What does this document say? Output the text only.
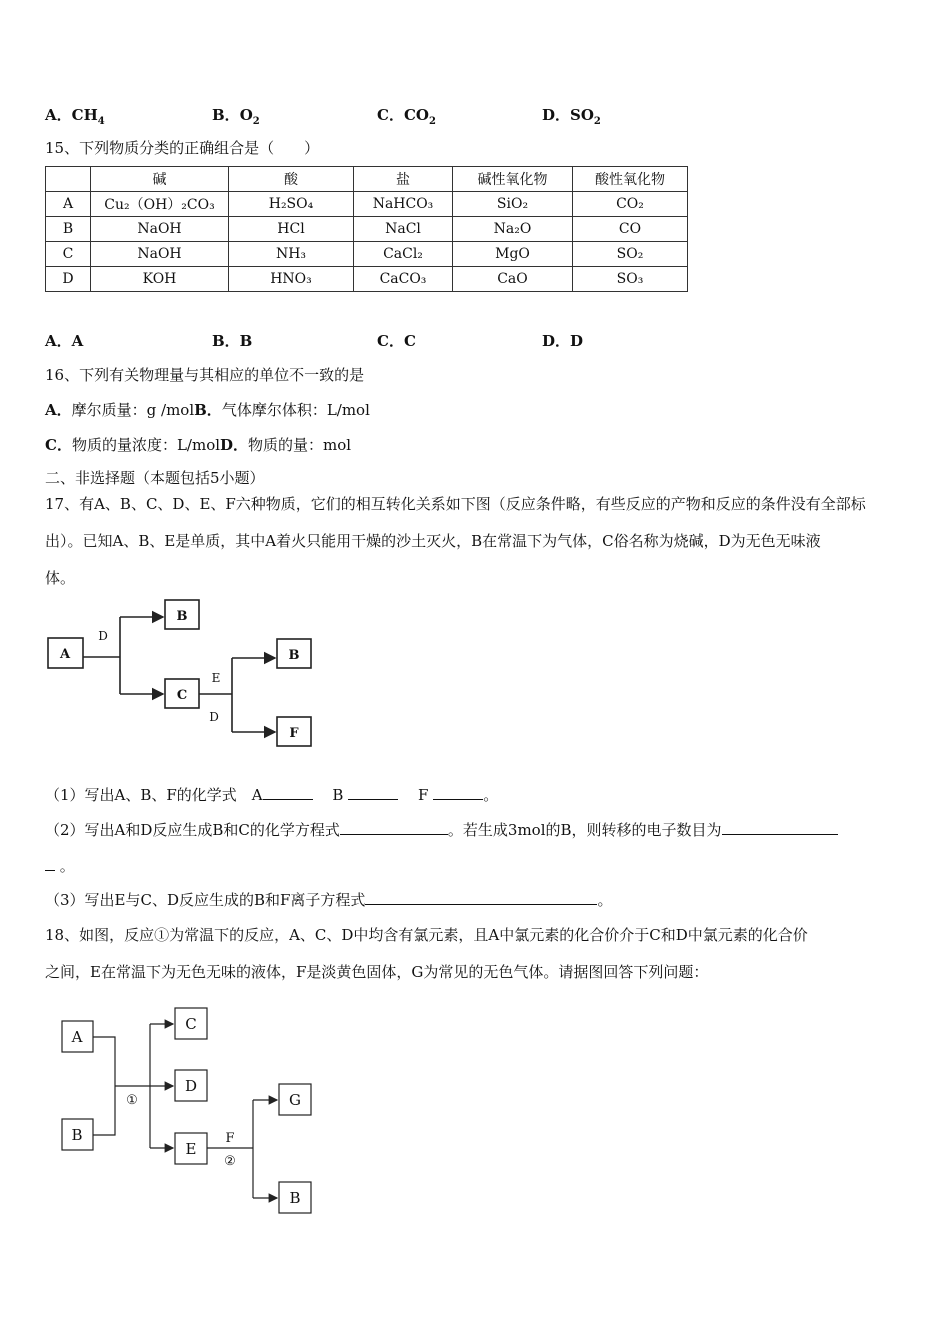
A．$CH_4$	B．$O_2$	C．$CO_2$	D．$SO_2$
15、下列物质分类的正确组合是（　　）
	碱	酸	盐	碱性氧化物	酸性氧化物
A	Cu₂（OH）₂CO₃	H₂SO₄	NaHCO₃	SiO₂	CO₂
B	NaOH	HCl	NaCl	Na₂O	CO
C	NaOH	NH₃	CaCl₂	MgO	SO₂
D	KOH	HNO₃	CaCO₃	CaO	SO₃
A．A	B．B	C．C	D．D
16、下列有关物理量与其相应的单位不一致的是
A．摩尔质量：g /molB．气体摩尔体积：L/mol
C．物质的量浓度：L/molD．物质的量：mol
二、非选择题（本题包括5小题）
17、有A、B、C、D、E、F六种物质，它们的相互转化关系如下图（反应条件略，有些反应的产物和反应的条件没有全部标
出）。已知A、B、E是单质，其中A着火只能用干燥的沙土灭火，B在常温下为气体，C俗名称为烧碱，D为无色无味液
体。
A
B
C
B
F
D
E
D
（1）写出A、B、F的化学式　A 　	B  　	F	。
（2）写出A和D反应生成B和C的化学方程式	。若生成3mol的B，则转移的电子数目为
。
（3）写出E与C、D反应生成的B和F离子方程式	。
18、如图，反应①为常温下的反应，A、C、D中均含有氯元素，且A中氯元素的化合价介于C和D中氯元素的化合价
之间，E在常温下为无色无味的液体，F是淡黄色固体，G为常见的无色气体。请据图回答下列问题：
A
B
C
D
E
G
B
①
F
②
